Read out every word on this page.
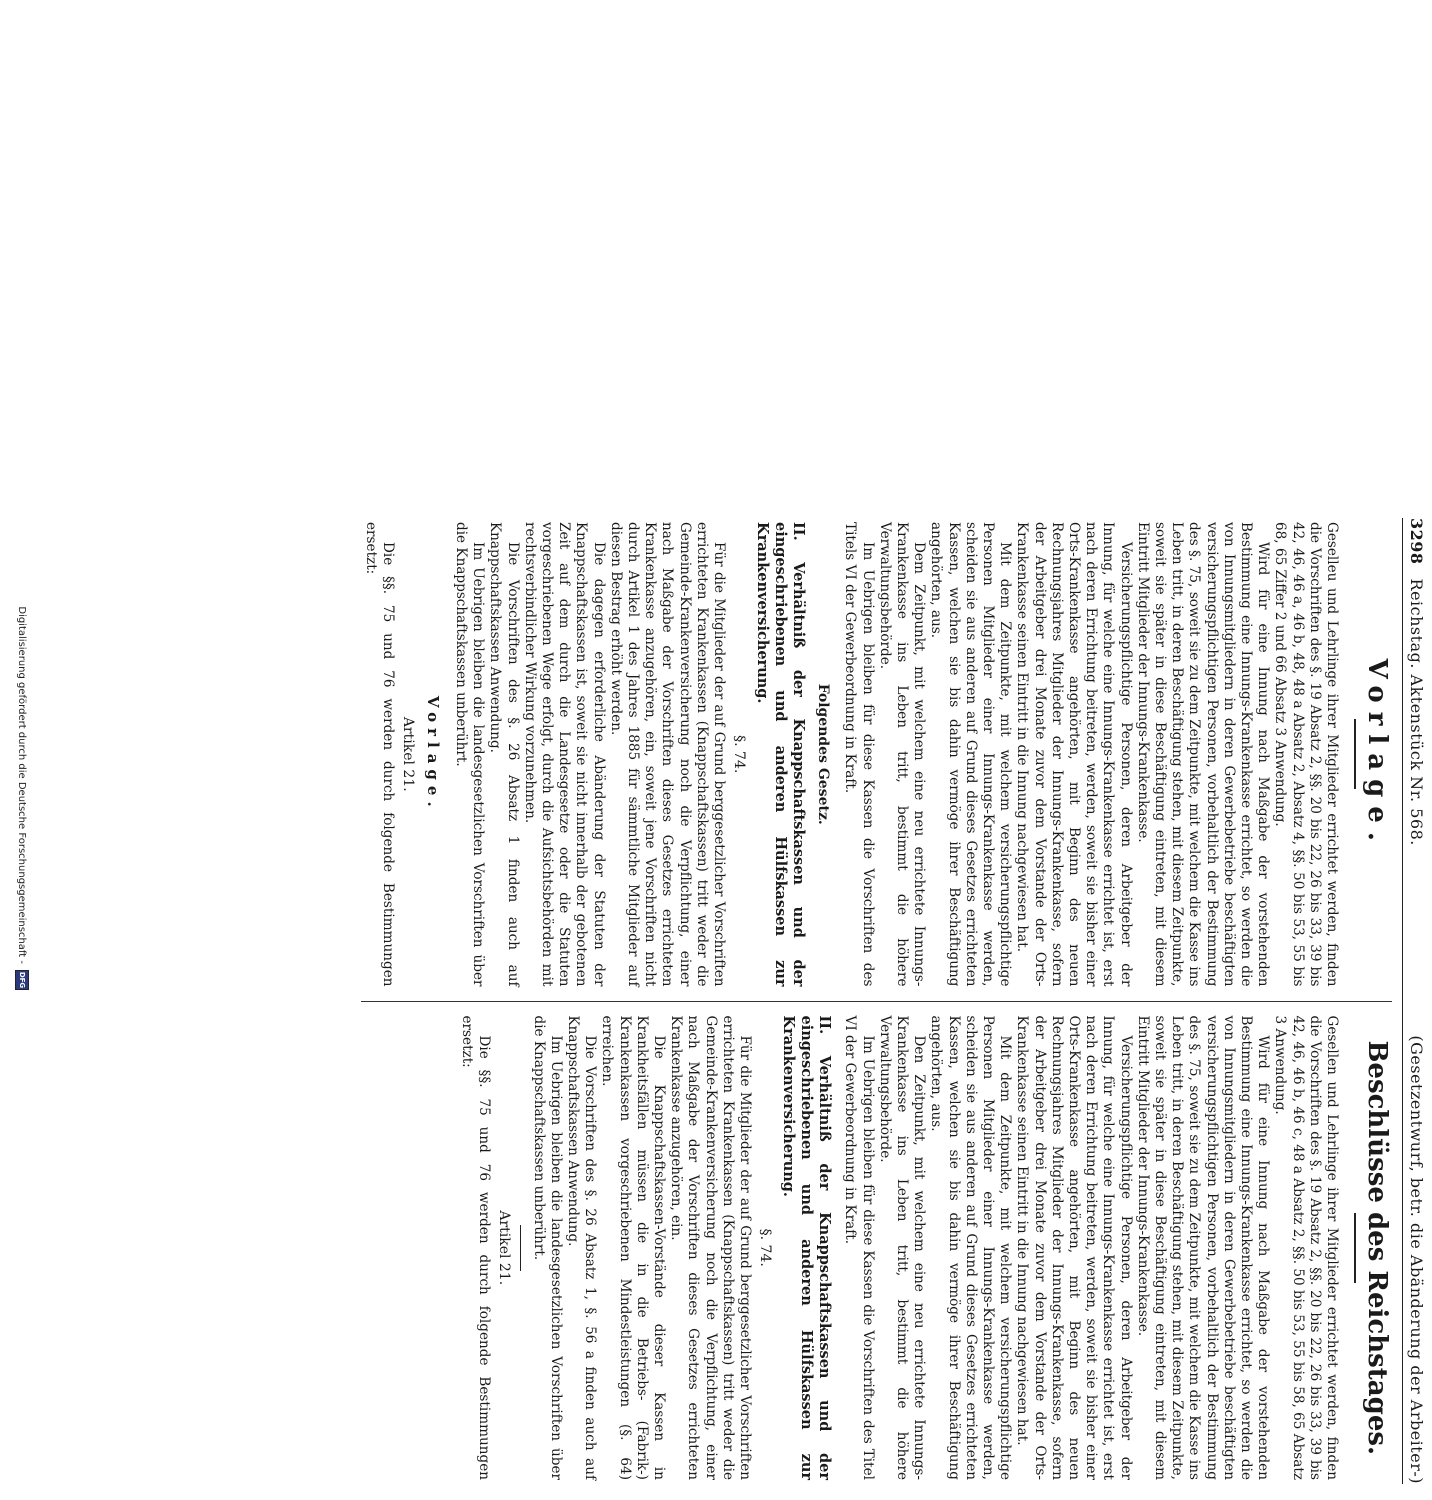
3298
Reichstag. Aktenstück Nr. 568.
(Gesetzentwurf, betr. die Abänderung der Arbeiter-)
Vorlage.

Geselleu und Lehrlinge ihrer Mitglieder errichtet werden, finden die Vorschriften des §. 19 Absatz 2, §§. 20 bis 22, 26 bis 33, 39 bis 42, 46, 46 a, 46 b, 48, 48 a Absatz 2, Absatz 4, §§. 50 bis 53, 55 bis 68, 65 Ziffer 2 und 66 Absatz 3 Anwendung.

Wird für eine Innung nach Maßgabe der vorstehenden Bestimmung eine Innungs-Krankenkasse errichtet, so werden die von Innungsmitgliedern in deren Gewerbebetriebe beschäftigten versicherungspflichtigen Personen, vorbehaltlich der Bestimmung des §. 75, soweit sie zu dem Zeitpunkte, mit welchem die Kasse ins Leben tritt, in deren Beschäftigung stehen, mit diesem Zeitpunkte, soweit sie später in diese Beschäftigung eintreten, mit diesem Eintritt Mitglieder der Innungs-Krankenkasse.

Versicherungspflichtige Personen, deren Arbeitgeber der Innung, für welche eine Innungs-Krankenkasse errichtet ist, erst nach deren Errichtung beitreten, werden, soweit sie bisher einer Orts-Krankenkasse angehörten, mit Beginn des neuen Rechnungsjahres Mitglieder der Innungs-Krankenkasse, sofern der Arbeitgeber drei Monate zuvor dem Vorstande der Orts-Krankenkasse seinen Eintritt in die Innung nachgewiesen hat.

Mit dem Zeitpunkte, mit welchem versicherungspflichtige Personen Mitglieder einer Innungs-Krankenkasse werden, scheiden sie aus anderen auf Grund dieses Gesetzes errichteten Kassen, welchen sie bis dahin vermöge ihrer Beschäftigung angehörten, aus.

Dem Zeitpunkt, mit welchem eine neu errichtete Innungs-Krankenkasse ins Leben tritt, bestimmt die höhere Verwaltungsbehörde.

Im Uebrigen bleiben für diese Kassen die Vorschriften des Titels VI der Gewerbeordnung in Kraft.

Folgendes Gesetz.
II. Verhältniß der Knappschaftskassen und der eingeschriebenen und anderen Hülfskassen zur Krankenversicherung.
§. 74.

Für die Mitglieder der auf Grund berggesetzlicher Vorschriften errichteten Krankenkassen (Knappschaftskassen) tritt weder die Gemeinde-Krankenversicherung noch die Verpflichtung, einer nach Maßgabe der Vorschriften dieses Gesetzes errichteten Krankenkasse anzugehören, ein, soweit jene Vorschriften nicht durch Artikel 1 des Jahres 1885 für sämmtliche Mitglieder auf diesen Bestrag erhöht werden.

Die dagegen erforderliche Abänderung der Statuten der Knappschaftskassen ist, soweit sie nicht innerhalb der gebotenen Zeit auf dem durch die Landesgesetze oder die Statuten vorgeschriebenen Wege erfolgt, durch die Aufsichtsbehörden mit rechtsverbindlicher Wirkung vorzunehmen.

Die Vorschriften des §. 26 Absatz 1 finden auch auf Knappschaftskassen Anwendung.

Im Uebrigen bleiben die landesgesetzlichen Vorschriften über die Knappschaftskassen unberührt.

Vorlage.
Artikel 21.

Die §§. 75 und 76 werden durch folgende Bestimmungen ersetzt:

Beschlüsse des Reichstages.

Gesellen und Lehrlinge ihrer Mitglieder errichtet werden, finden die Vorschriften des §. 19 Absatz 2, §§. 20 bis 22, 26 bis 33, 39 bis 42, 46, 46 b, 46 c, 48 a Absatz 2, §§. 50 bis 53, 55 bis 58, 65 Absatz 3 Anwendung.

Wird für eine Innung nach Maßgabe der vorstehenden Bestimmung eine Innungs-Krankenkasse errichtet, so werden die von Innungsmitgliedern in deren Gewerbebetriebe beschäftigten versicherungspflichtigen Personen, vorbehaltlich der Bestimmung des §. 75, soweit sie zu dem Zeitpunkte, mit welchem die Kasse ins Leben tritt, in deren Beschäftigung stehen, mit diesem Zeitpunkte, soweit sie später in diese Beschäftigung eintreten, mit diesem Eintritt Mitglieder der Innungs-Krankenkasse.

Versicherungspflichtige Personen, deren Arbeitgeber der Innung, für welche eine Innungs-Krankenkasse errichtet ist, erst nach deren Errichtung beitreten, werden, soweit sie bisher einer Orts-Krankenkasse angehörten, mit Beginn des neuen Rechnungsjahres Mitglieder der Innungs-Krankenkasse, sofern der Arbeitgeber drei Monate zuvor dem Vorstande der Orts-Krankenkasse seinen Eintritt in die Innung nachgewiesen hat.

Mit dem Zeitpunkte, mit welchem versicherungspflichtige Personen Mitglieder einer Innungs-Krankenkasse werden, scheiden sie aus anderen auf Grund dieses Gesetzes errichteten Kassen, welchen sie bis dahin vermöge ihrer Beschäftigung angehörten, aus.

Den Zeitpunkt, mit welchem eine neu errichtete Innungs-Krankenkasse ins Leben tritt, bestimmt die höhere Verwaltungsbehörde.

Im Uebrigen bleiben für diese Kassen die Vorschriften des Titel VI der Gewerbeordnung in Kraft.

II. Verhältniß der Knappschaftskassen und der eingeschriebenen und anderen Hülfskassen zur Krankenversicherung.
§. 74.

Für die Mitglieder der auf Grund berggesetzlicher Vorschriften errichteten Krankenkassen (Knappschaftskassen) tritt weder die Gemeinde-Krankenversicherung noch die Verpflichtung, einer nach Maßgabe der Vorschriften dieses Gesetzes errichteten Krankenkasse anzugehören, ein.

Die Knappschaftskassen-Vorstände dieser Kassen in Krankheitsfällen müssen die in die Betriebs- (Fabrik-) Krankenkassen vorgeschriebenen Mindestleistungen (§. 64) erreichen.

Die Vorschriften des §. 26 Absatz 1, §. 56 a finden auch auf Knappschaftskassen Anwendung.

Im Uebrigen bleiben die landesgesetzlichen Vorschriften über die Knappschaftskassen unberührt.

Artikel 21.

Die §§. 75 und 76 werden durch folgende Bestimmungen ersetzt:

Digitalisierung gefördert durch die Deutsche Forschungsgemeinschaft -
DFG
